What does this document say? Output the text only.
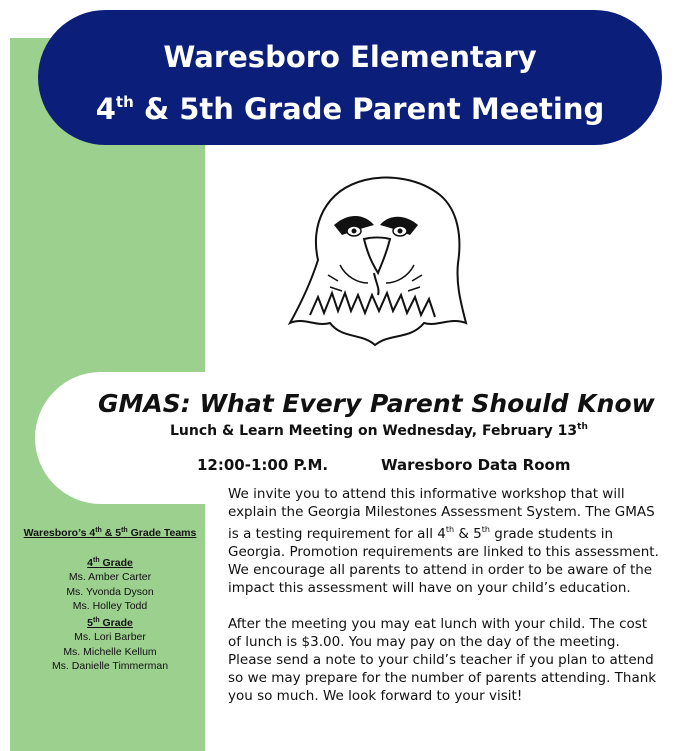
Waresboro Elementary
4th & 5th Grade Parent Meeting
GMAS: What Every Parent Should Know
Lunch & Learn Meeting on Wednesday, February 13th
12:00-1:00 P.M.	Waresboro Data Room

We invite you to attend this informative workshop that will explain the Georgia Milestones Assessment System. The GMAS is a testing requirement for all 4th & 5th grade students in Georgia. Promotion requirements are linked to this assessment. We encourage all parents to attend in order to be aware of the impact this assessment will have on your child’s education.

After the meeting you may eat lunch with your child. The cost of lunch is $3.00. You may pay on the day of the meeting. Please send a note to your child’s teacher if you plan to attend so we may prepare for the number of parents attending. Thank you so much. We look forward to your visit!

Waresboro’s 4th & 5th Grade Teams
4th Grade
Ms. Amber Carter
Ms. Yvonda Dyson
Ms. Holley Todd
5th Grade
Ms. Lori Barber
Ms. Michelle Kellum
Ms. Danielle Timmerman
